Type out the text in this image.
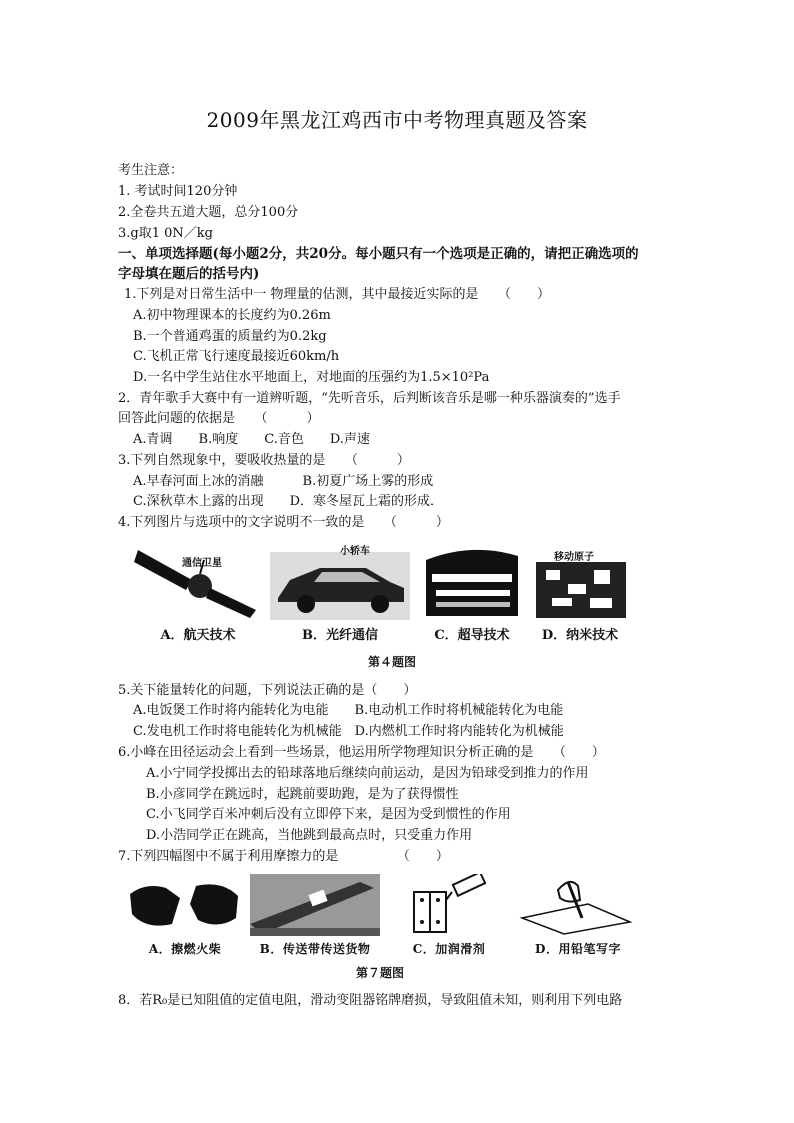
2009年黑龙江鸡西市中考物理真题及答案
考生注意：
1. 考试时间120分钟
2.全卷共五道大题，总分100分
3.g取1 0N／kg
一、单项选择题(每小题2分，共20分。每小题只有一个选项是正确的，请把正确选项的
字母填在题后的括号内)
1.下列是对日常生活中一 物理量的估测，其中最接近实际的是　　（　　）
A.初中物理课本的长度约为0.26m
B.一个普通鸡蛋的质量约为0.2kg
C.飞机正常飞行速度最接近60km/h
D.一名中学生站住水平地面上，对地面的压强约为1.5×10²Pa
2．青年歌手大赛中有一道辨听题，“先听音乐，后判断该音乐是哪一种乐器演奏的”选手
回答此问题的依据是　　（　　　）
A.青调　　B.响度　　C.音色　　D.声速
3.下列自然现象中，要吸收热量的是　　（　　　）
A.早春河面上冰的消融　　　B.初夏广场上雾的形成
C.深秋草木上露的出现　　D．寒冬屋瓦上霜的形成．
4.下列图片与选项中的文字说明不一致的是　　（　　　）
通信卫星
A．航天技术
小轿车
B．光纤通信	C．超导技术
移动原子
D．纳米技术
第４题图
5.关下能量转化的问题，下列说法正确的是（　　）
A.电饭煲工作时将内能转化为电能　　B.电动机工作时将机械能转化为电能
C.发电机工作时将电能转化为机械能　D.内燃机工作时将内能转化为机械能
6.小峰在田径运动会上看到一些场景，他运用所学物理知识分析正确的是　　（　　）
A.小宁同学投掷出去的铅球落地后继续向前运动，是因为铅球受到推力的作用
B.小彦同学在跳远时，起跳前要助跑，是为了获得惯性
C.小飞同学百米冲刺后没有立即停下来，是因为受到惯性的作用
D.小浩同学正在跳高，当他跳到最高点时，只受重力作用
7.下列四幅图中不属于利用摩擦力的是　　　　　（　　）
A．擦燃火柴	B．传送带传送货物	C．加润滑剂	D．用铅笔写字
第７题图
8．若R₀是已知阻值的定值电阻，滑动变阻器铭牌磨损，导致阻值未知，则利用下列电路
